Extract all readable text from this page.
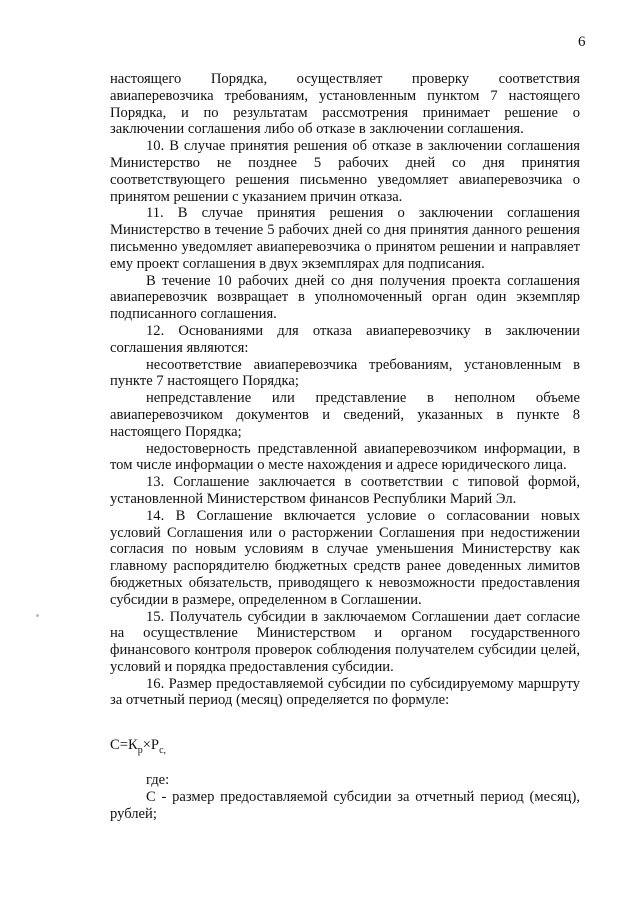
6

настоящего Порядка, осуществляет проверку соответствия авиаперевозчика требованиям, установленным пунктом 7 настоящего Порядка, и по результатам рассмотрения принимает решение о заключении соглашения либо об отказе в заключении соглашения.

10. В случае принятия решения об отказе в заключении соглашения Министерство не позднее 5 рабочих дней со дня принятия соответствующего решения письменно уведомляет авиаперевозчика о принятом решении с указанием причин отказа.

11. В случае принятия решения о заключении соглашения Министерство в течение 5 рабочих дней со дня принятия данного решения письменно уведомляет авиаперевозчика о принятом решении и направляет ему проект соглашения в двух экземплярах для подписания.

В течение 10 рабочих дней со дня получения проекта соглашения авиаперевозчик возвращает в уполномоченный орган один экземпляр подписанного соглашения.

12. Основаниями для отказа авиаперевозчику в заключении соглашения являются:

несоответствие авиаперевозчика требованиям, установленным в пункте 7 настоящего Порядка;

непредставление или представление в неполном объеме авиаперевозчиком документов и сведений, указанных в пункте 8 настоящего Порядка;

недостоверность представленной авиаперевозчиком информации, в том числе информации о месте нахождения и адресе юридического лица.

13. Соглашение заключается в соответствии с типовой формой, установленной Министерством финансов Республики Марий Эл.

14. В Соглашение включается условие о согласовании новых условий Соглашения или о расторжении Соглашения при недостижении согласия по новым условиям в случае уменьшения Министерству как главному распорядителю бюджетных средств ранее доведенных лимитов бюджетных обязательств, приводящего к невозможности предоставления субсидии в размере, определенном в Соглашении.

15. Получатель субсидии в заключаемом Соглашении дает согласие на осуществление Министерством и органом государственного финансового контроля проверок соблюдения получателем субсидии целей, условий и порядка предоставления субсидии.

16. Размер предоставляемой субсидии по субсидируемому маршруту за отчетный период (месяц) определяется по формуле:

$С=К_р\times Р_{с,}$

где:

С - размер предоставляемой субсидии за отчетный период (месяц), рублей;
